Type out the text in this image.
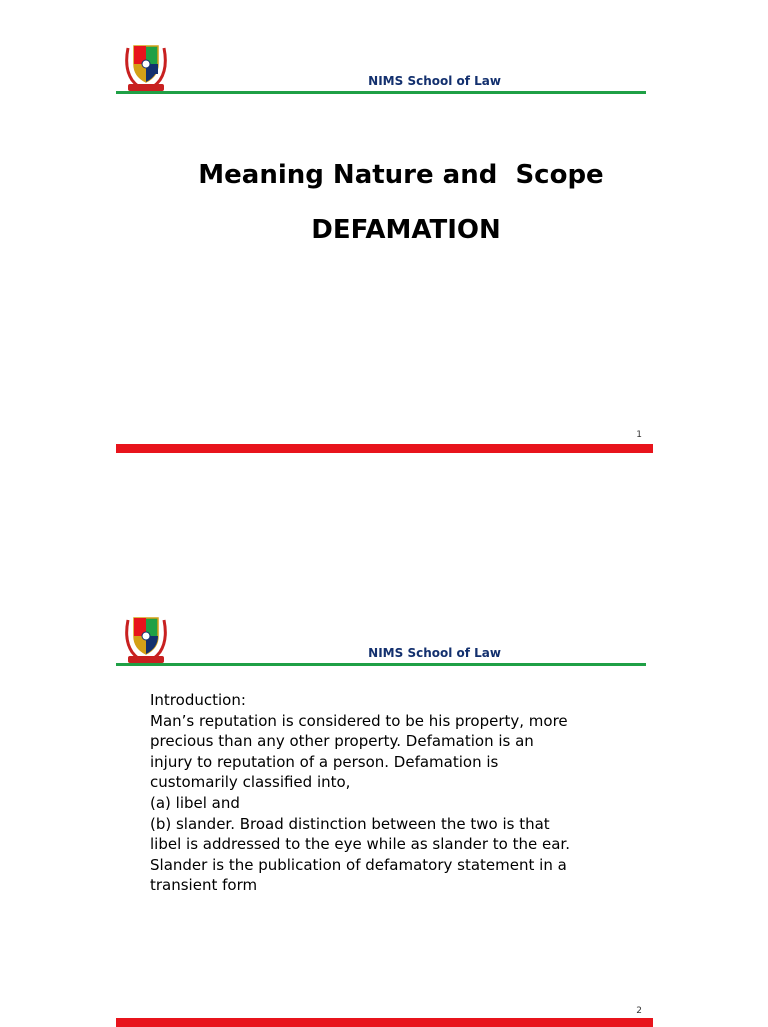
NIMS School of Law
Meaning Nature and  Scope
DEFAMATION
1
NIMS School of Law
Introduction:
Man’s reputation is considered to be his property, more
precious than any other property. Defamation is an
injury to reputation of a person. Defamation is
customarily classified into,
(a) libel and
(b) slander. Broad distinction between the two is that
libel is addressed to the eye while as slander to the ear.
Slander is the publication of defamatory statement in a
transient form
2
